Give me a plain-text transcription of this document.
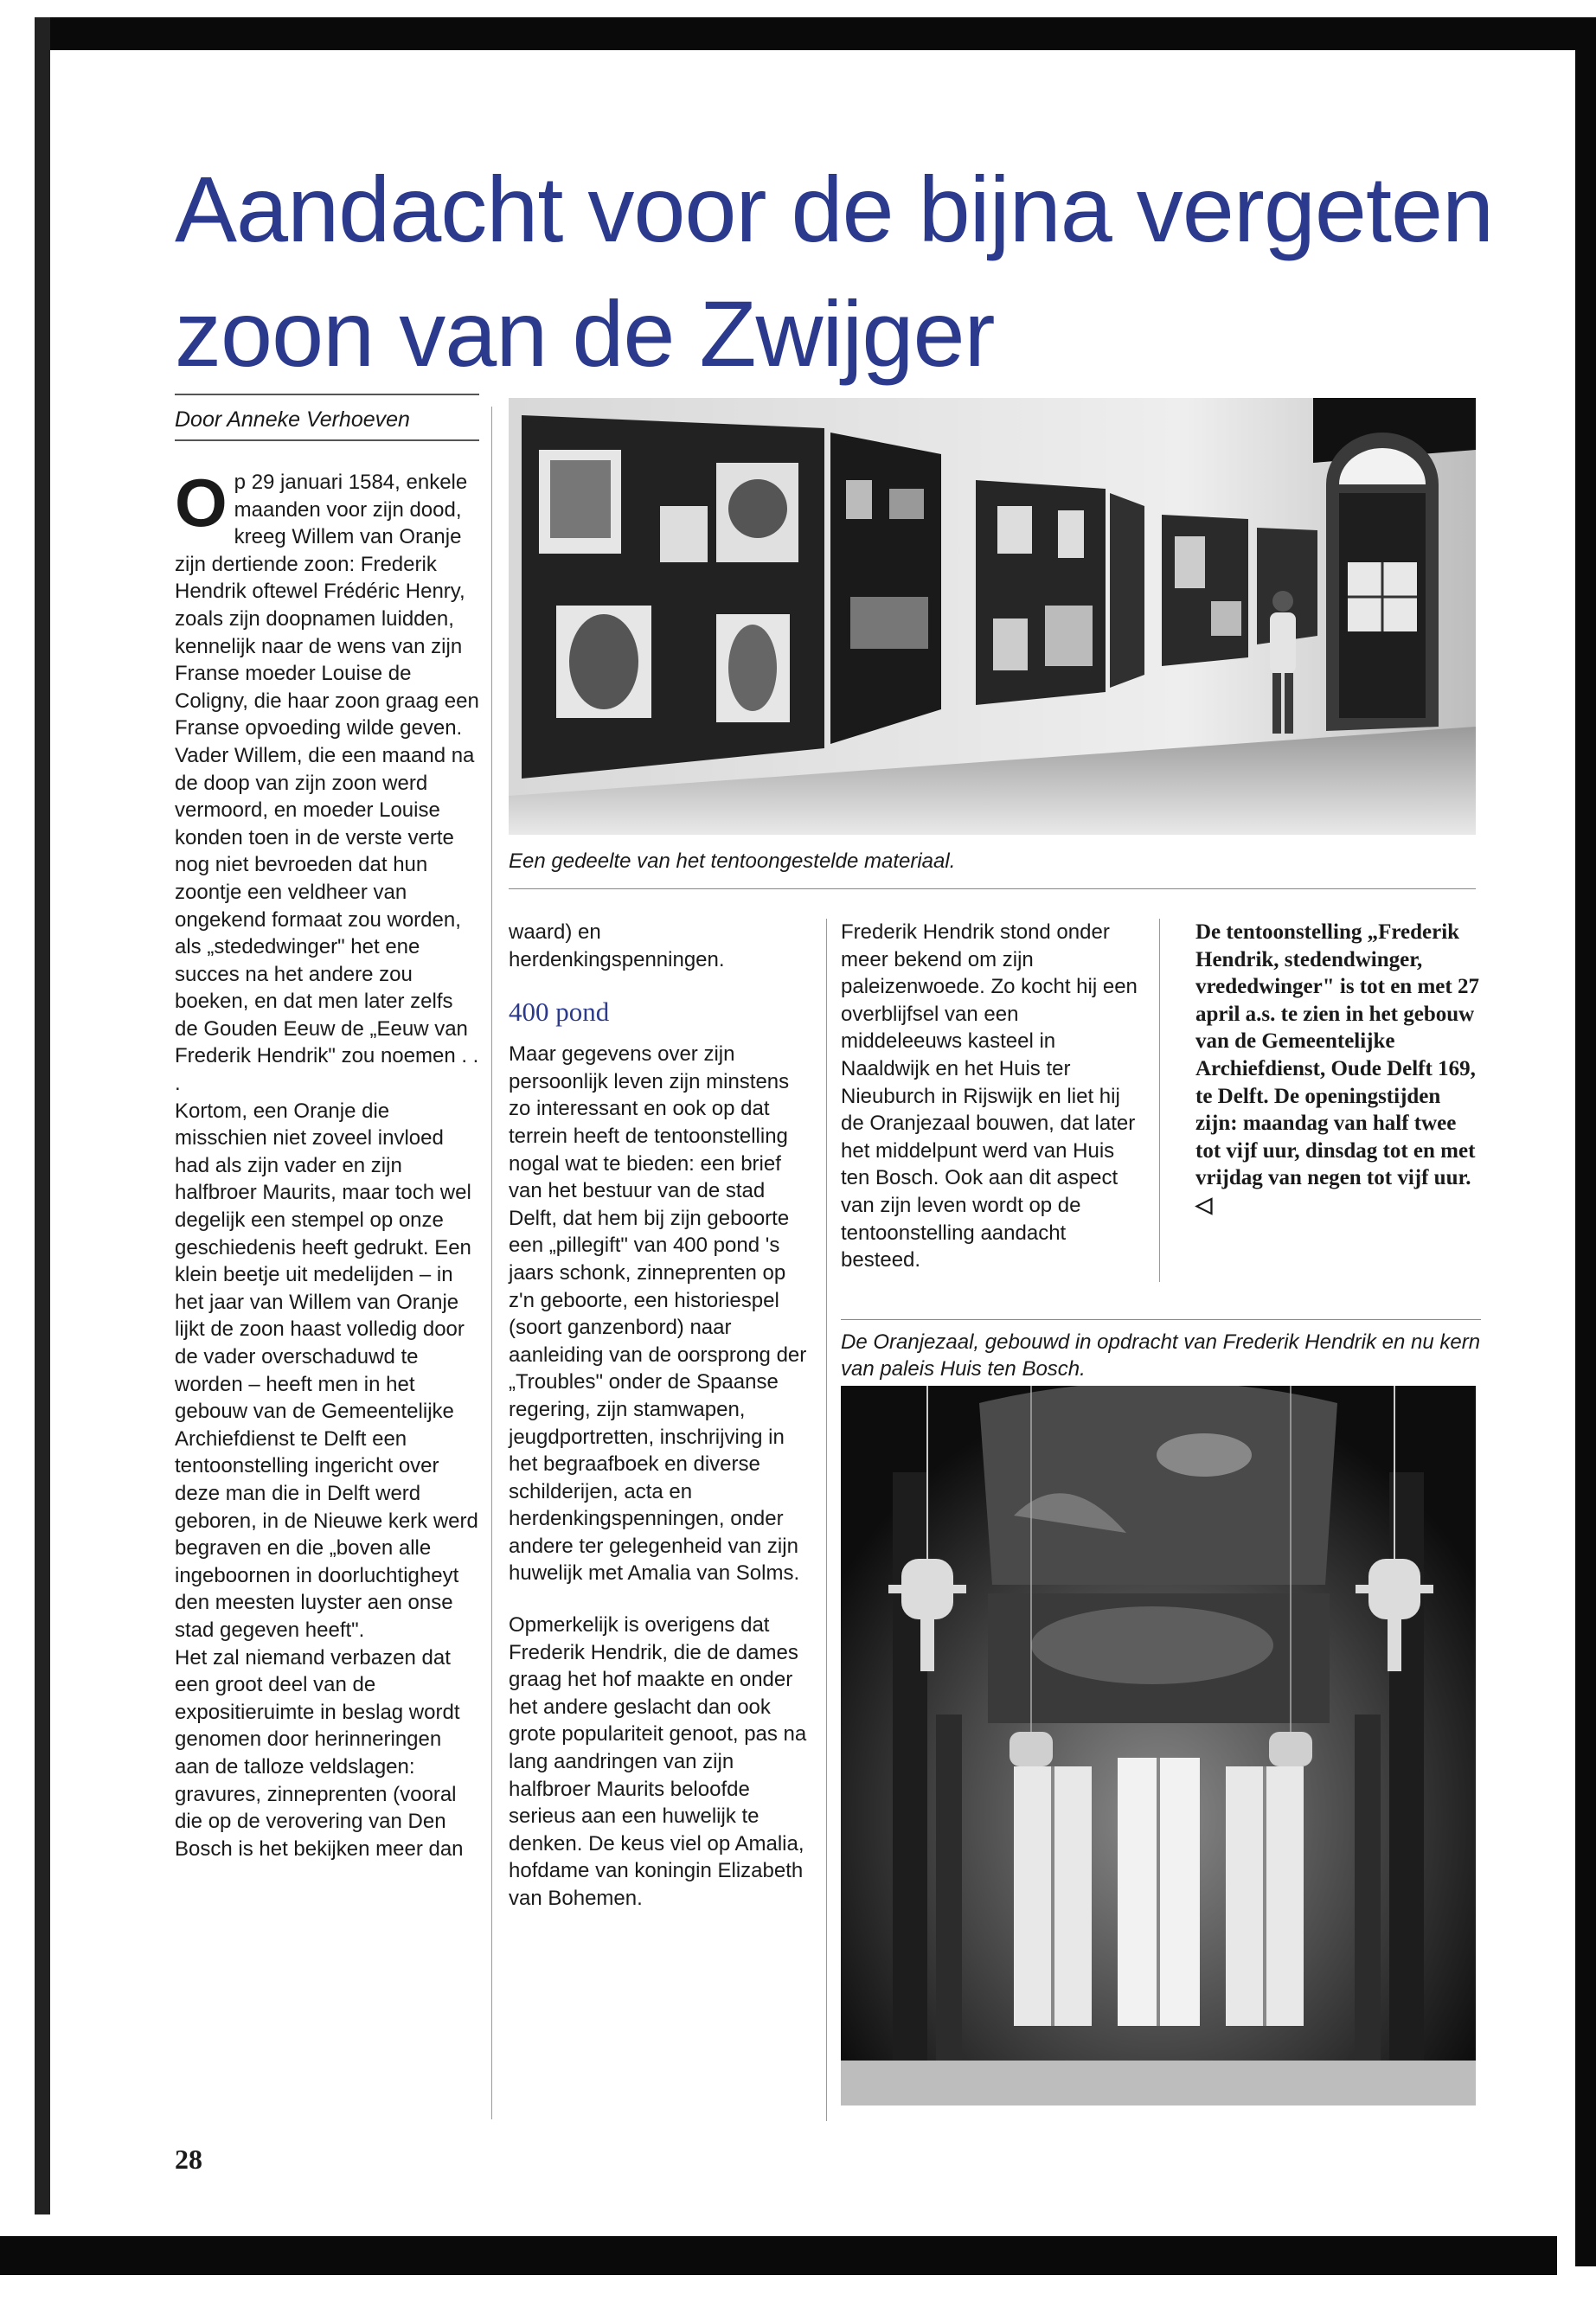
Aandacht voor de bijna vergeten zoon van de Zwijger
Door Anneke Verhoeven

O p 29 januari 1584, enkele maanden voor zijn dood, kreeg Willem van Oranje zijn dertiende zoon: Frederik Hendrik oftewel Frédéric Henry, zoals zijn doopnamen luidden, kennelijk naar de wens van zijn Franse moeder Louise de Coligny, die haar zoon graag een Franse opvoeding wilde geven. Vader Willem, die een maand na de doop van zijn zoon werd vermoord, en moeder Louise konden toen in de verste verte nog niet bevroeden dat hun zoontje een veldheer van ongekend formaat zou worden, als „stededwinger" het ene succes na het andere zou boeken, en dat men later zelfs de Gouden Eeuw de „Eeuw van Frederik Hendrik" zou noemen . . .

Kortom, een Oranje die misschien niet zoveel invloed had als zijn vader en zijn halfbroer Maurits, maar toch wel degelijk een stempel op onze geschiedenis heeft gedrukt. Een klein beetje uit medelijden – in het jaar van Willem van Oranje lijkt de zoon haast volledig door de vader overschaduwd te worden – heeft men in het gebouw van de Gemeentelijke Archiefdienst te Delft een tentoonstelling ingericht over deze man die in Delft werd geboren, in de Nieuwe kerk werd begraven en die „boven alle ingeboornen in doorluchtigheyt den meesten luyster aen onse stad gegeven heeft".

Het zal niemand verbazen dat een groot deel van de expositieruimte in beslag wordt genomen door herinneringen aan de talloze veldslagen: gravures, zinneprenten (vooral die op de verovering van Den Bosch is het bekijken meer dan

Een gedeelte van het tentoongestelde materiaal.

waard) en herdenkingspenningen.

400 pond

Maar gegevens over zijn persoonlijk leven zijn minstens zo interessant en ook op dat terrein heeft de tentoonstelling nogal wat te bieden: een brief van het bestuur van de stad Delft, dat hem bij zijn geboorte een „pillegift" van 400 pond 's jaars schonk, zinneprenten op z'n geboorte, een historiespel (soort ganzenbord) naar aanleiding van de oorsprong der „Troubles" onder de Spaanse regering, zijn stamwapen, jeugdportretten, inschrijving in het begraafboek en diverse schilderijen, acta en herdenkingspenningen, onder andere ter gelegenheid van zijn huwelijk met Amalia van Solms.

Opmerkelijk is overigens dat Frederik Hendrik, die de dames graag het hof maakte en onder het andere geslacht dan ook grote populariteit genoot, pas na lang aandringen van zijn halfbroer Maurits beloofde serieus aan een huwelijk te denken. De keus viel op Amalia, hofdame van koningin Elizabeth van Bohemen.

Frederik Hendrik stond onder meer bekend om zijn paleizenwoede. Zo kocht hij een overblijfsel van een middeleeuws kasteel in Naaldwijk en het Huis ter Nieuburch in Rijswijk en liet hij de Oranjezaal bouwen, dat later het middelpunt werd van Huis ten Bosch. Ook aan dit aspect van zijn leven wordt op de tentoonstelling aandacht besteed.

De tentoonstelling „Frederik Hendrik, stedendwinger, vrededwinger" is tot en met 27 april a.s. te zien in het gebouw van de Gemeentelijke Archiefdienst, Oude Delft 169, te Delft. De openingstijden zijn: maandag van half twee tot vijf uur, dinsdag tot en met vrijdag van negen tot vijf uur. ◁
De Oranjezaal, gebouwd in opdracht van Frederik Hendrik en nu kern van paleis Huis ten Bosch.
28
